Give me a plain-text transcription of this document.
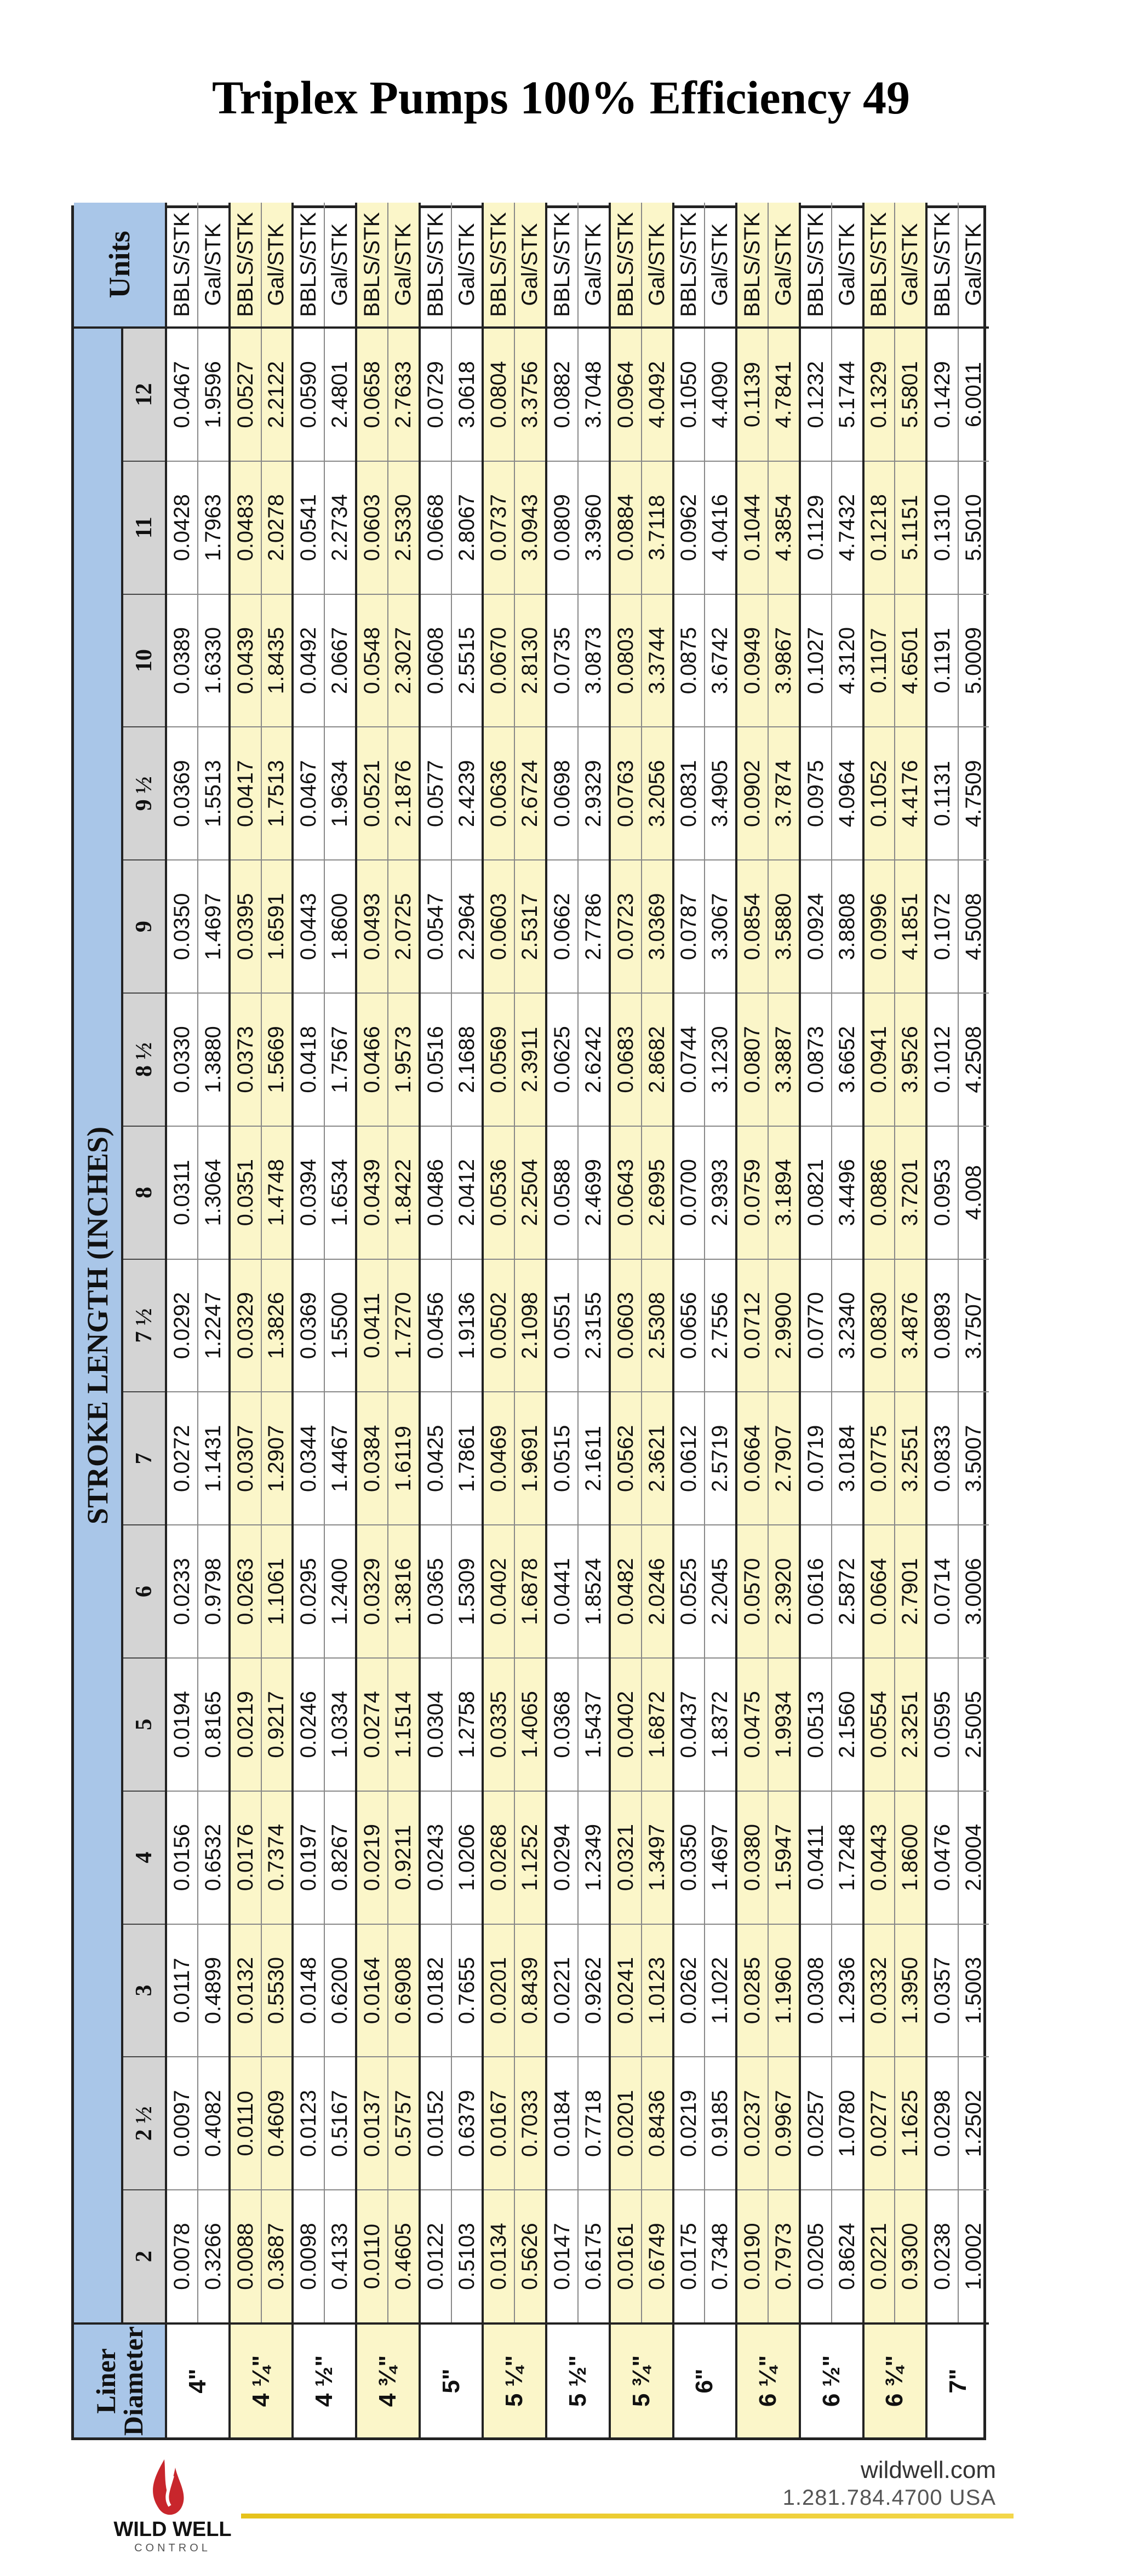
Triplex Pumps 100% Efficiency 49
Liner
Diameter
STROKE LENGTH (INCHES)
Units
2
2 ½
3
4
5
6
7
7 ½
8
8 ½
9
9 ½
10
11
12
4"
0.0078
0.0097
0.0117
0.0156
0.0194
0.0233
0.0272
0.0292
0.0311
0.0330
0.0350
0.0369
0.0389
0.0428
0.0467
0.3266
0.4082
0.4899
0.6532
0.8165
0.9798
1.1431
1.2247
1.3064
1.3880
1.4697
1.5513
1.6330
1.7963
1.9596
BBLS/STK Gal/STK
4 ¼"
0.0088
0.0110
0.0132
0.0176
0.0219
0.0263
0.0307
0.0329
0.0351
0.0373
0.0395
0.0417
0.0439
0.0483
0.0527
0.3687
0.4609
0.5530
0.7374
0.9217
1.1061
1.2907
1.3826
1.4748
1.5669
1.6591
1.7513
1.8435
2.0278
2.2122
BBLS/STK Gal/STK
4 ½"
0.0098
0.0123
0.0148
0.0197
0.0246
0.0295
0.0344
0.0369
0.0394
0.0418
0.0443
0.0467
0.0492
0.0541
0.0590
0.4133
0.5167
0.6200
0.8267
1.0334
1.2400
1.4467
1.5500
1.6534
1.7567
1.8600
1.9634
2.0667
2.2734
2.4801
BBLS/STK Gal/STK
4 ¾"
0.0110
0.0137
0.0164
0.0219
0.0274
0.0329
0.0384
0.0411
0.0439
0.0466
0.0493
0.0521
0.0548
0.0603
0.0658
0.4605
0.5757
0.6908
0.9211
1.1514
1.3816
1.6119
1.7270
1.8422
1.9573
2.0725
2.1876
2.3027
2.5330
2.7633
BBLS/STK Gal/STK
5"
0.0122
0.0152
0.0182
0.0243
0.0304
0.0365
0.0425
0.0456
0.0486
0.0516
0.0547
0.0577
0.0608
0.0668
0.0729
0.5103
0.6379
0.7655
1.0206
1.2758
1.5309
1.7861
1.9136
2.0412
2.1688
2.2964
2.4239
2.5515
2.8067
3.0618
BBLS/STK Gal/STK
5 ¼"
0.0134
0.0167
0.0201
0.0268
0.0335
0.0402
0.0469
0.0502
0.0536
0.0569
0.0603
0.0636
0.0670
0.0737
0.0804
0.5626
0.7033
0.8439
1.1252
1.4065
1.6878
1.9691
2.1098
2.2504
2.3911
2.5317
2.6724
2.8130
3.0943
3.3756
BBLS/STK Gal/STK
5 ½"
0.0147
0.0184
0.0221
0.0294
0.0368
0.0441
0.0515
0.0551
0.0588
0.0625
0.0662
0.0698
0.0735
0.0809
0.0882
0.6175
0.7718
0.9262
1.2349
1.5437
1.8524
2.1611
2.3155
2.4699
2.6242
2.7786
2.9329
3.0873
3.3960
3.7048
BBLS/STK Gal/STK
5 ¾"
0.0161
0.0201
0.0241
0.0321
0.0402
0.0482
0.0562
0.0603
0.0643
0.0683
0.0723
0.0763
0.0803
0.0884
0.0964
0.6749
0.8436
1.0123
1.3497
1.6872
2.0246
2.3621
2.5308
2.6995
2.8682
3.0369
3.2056
3.3744
3.7118
4.0492
BBLS/STK Gal/STK
6"
0.0175
0.0219
0.0262
0.0350
0.0437
0.0525
0.0612
0.0656
0.0700
0.0744
0.0787
0.0831
0.0875
0.0962
0.1050
0.7348
0.9185
1.1022
1.4697
1.8372
2.2045
2.5719
2.7556
2.9393
3.1230
3.3067
3.4905
3.6742
4.0416
4.4090
BBLS/STK Gal/STK
6 ¼"
0.0190
0.0237
0.0285
0.0380
0.0475
0.0570
0.0664
0.0712
0.0759
0.0807
0.0854
0.0902
0.0949
0.1044
0.1139
0.7973
0.9967
1.1960
1.5947
1.9934
2.3920
2.7907
2.9900
3.1894
3.3887
3.5880
3.7874
3.9867
4.3854
4.7841
BBLS/STK Gal/STK
6 ½"
0.0205
0.0257
0.0308
0.0411
0.0513
0.0616
0.0719
0.0770
0.0821
0.0873
0.0924
0.0975
0.1027
0.1129
0.1232
0.8624
1.0780
1.2936
1.7248
2.1560
2.5872
3.0184
3.2340
3.4496
3.6652
3.8808
4.0964
4.3120
4.7432
5.1744
BBLS/STK Gal/STK
6 ¾"
0.0221
0.0277
0.0332
0.0443
0.0554
0.0664
0.0775
0.0830
0.0886
0.0941
0.0996
0.1052
0.1107
0.1218
0.1329
0.9300
1.1625
1.3950
1.8600
2.3251
2.7901
3.2551
3.4876
3.7201
3.9526
4.1851
4.4176
4.6501
5.1151
5.5801
BBLS/STK Gal/STK
7"
0.0238
0.0298
0.0357
0.0476
0.0595
0.0714
0.0833
0.0893
0.0953
0.1012
0.1072
0.1131
0.1191
0.1310
0.1429
1.0002
1.2502
1.5003
2.0004
2.5005
3.0006
3.5007
3.7507
4.008
4.2508
4.5008
4.7509
5.0009
5.5010
6.0011
BBLS/STK Gal/STK
WILD WELL
CONTROL
wildwell.com
1.281.784.4700 USA
